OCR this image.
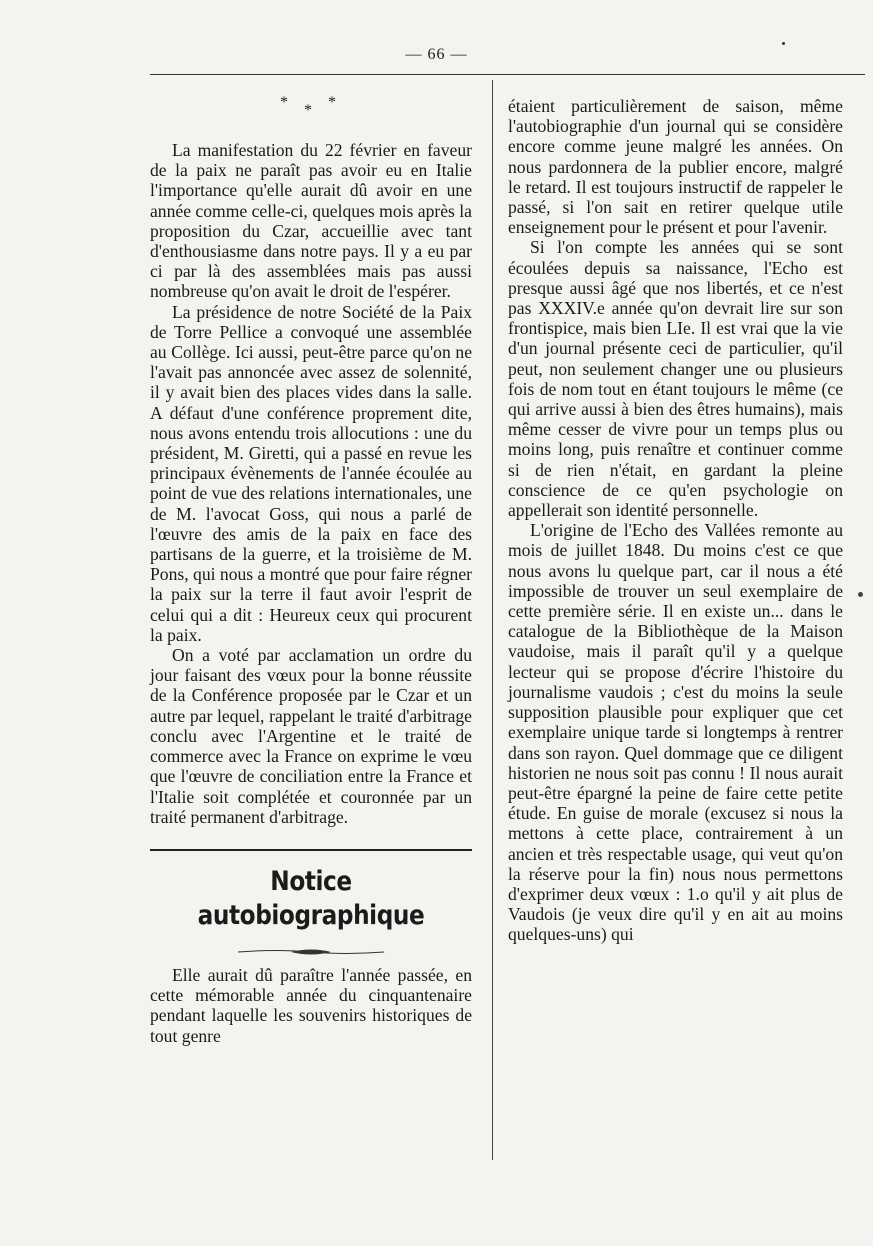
— 66 —
* * *

La manifestation du 22 février en faveur de la paix ne paraît pas avoir eu en Italie l'importance qu'elle aurait dû avoir en une année comme celle-ci, quelques mois après la proposition du Czar, accueillie avec tant d'enthousiasme dans notre pays. Il y a eu par ci par là des assemblées mais pas aussi nombreuse qu'on avait le droit de l'espérer.

La présidence de notre Société de la Paix de Torre Pellice a convoqué une assemblée au Collège. Ici aussi, peut-être parce qu'on ne l'avait pas annoncée avec assez de solennité, il y avait bien des places vides dans la salle. A défaut d'une conférence proprement dite, nous avons entendu trois allocutions : une du président, M. Giretti, qui a passé en revue les principaux évènements de l'année écoulée au point de vue des relations internationales, une de M. l'avocat Goss, qui nous a parlé de l'œuvre des amis de la paix en face des partisans de la guerre, et la troisième de M. Pons, qui nous a montré que pour faire régner la paix sur la terre il faut avoir l'esprit de celui qui a dit : Heureux ceux qui procurent la paix.

On a voté par acclamation un ordre du jour faisant des vœux pour la bonne réussite de la Conférence proposée par le Czar et un autre par lequel, rappelant le traité d'arbitrage conclu avec l'Argentine et le traité de commerce avec la France on exprime le vœu que l'œuvre de conciliation entre la France et l'Italie soit complétée et couronnée par un traité permanent d'arbitrage.

Notice autobiographique

Elle aurait dû paraître l'année passée, en cette mémorable année du cinquantenaire pendant laquelle les souvenirs historiques de tout genre

étaient particulièrement de saison, même l'autobiographie d'un journal qui se considère encore comme jeune malgré les années. On nous pardonnera de la publier encore, malgré le retard. Il est toujours instructif de rappeler le passé, si l'on sait en retirer quelque utile enseignement pour le présent et pour l'avenir.

Si l'on compte les années qui se sont écoulées depuis sa naissance, l'Echo est presque aussi âgé que nos libertés, et ce n'est pas XXXIV.e année qu'on devrait lire sur son frontispice, mais bien LIe. Il est vrai que la vie d'un journal présente ceci de particulier, qu'il peut, non seulement changer une ou plusieurs fois de nom tout en étant toujours le même (ce qui arrive aussi à bien des êtres humains), mais même cesser de vivre pour un temps plus ou moins long, puis renaître et continuer comme si de rien n'était, en gardant la pleine conscience de ce qu'en psychologie on appellerait son identité personnelle.

L'origine de l'Echo des Vallées remonte au mois de juillet 1848. Du moins c'est ce que nous avons lu quelque part, car il nous a été impossible de trouver un seul exemplaire de cette première série. Il en existe un... dans le catalogue de la Bibliothèque de la Maison vaudoise, mais il paraît qu'il y a quelque lecteur qui se propose d'écrire l'histoire du journalisme vaudois ; c'est du moins la seule supposition plausible pour expliquer que cet exemplaire unique tarde si longtemps à rentrer dans son rayon. Quel dommage que ce diligent historien ne nous soit pas connu ! Il nous aurait peut-être épargné la peine de faire cette petite étude. En guise de morale (excusez si nous la mettons à cette place, contrairement à un ancien et très respectable usage, qui veut qu'on la réserve pour la fin) nous nous permettons d'exprimer deux vœux : 1.o qu'il y ait plus de Vaudois (je veux dire qu'il y en ait au moins quelques-uns) qui
